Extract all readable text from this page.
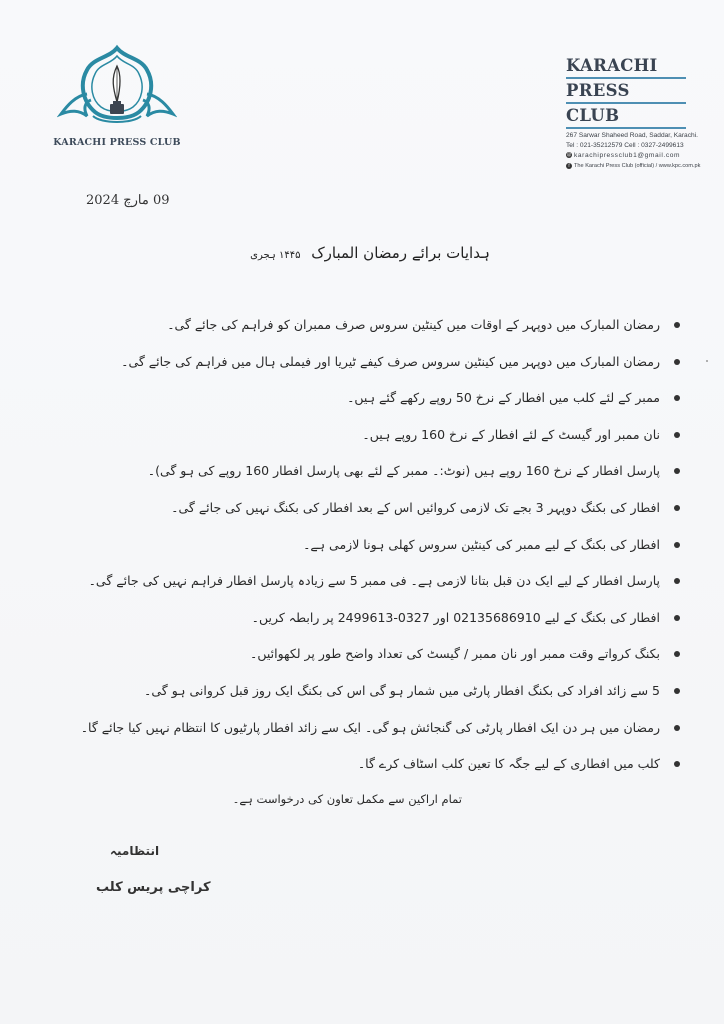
KARACHI PRESS CLUB
KARACHI
PRESS
CLUB
267 Sarwar Shaheed Road, Saddar, Karachi.
Tel : 021-35212579 Cell : 0327-2499613
@ karachipressclub1@gmail.com
f The Karachi Press Club (official) / www.kpc.com.pk
09 مارچ 2024
ہدایات برائے رمضان المبارک ۱۴۴۵ ہجری
رمضان المبارک میں دوپہر کے اوقات میں کینٹین سروس صرف ممبران کو فراہم کی جائے گی۔
رمضان المبارک میں دوپہر میں کینٹین سروس صرف کیفے ٹیریا اور فیملی ہال میں فراہم کی جائے گی۔
ممبر کے لئے کلب میں افطار کے نرخ 50 روپے رکھے گئے ہیں۔
نان ممبر اور گیسٹ کے لئے افطار کے نرخ 160 روپے ہیں۔
پارسل افطار کے نرخ 160 روپے ہیں (نوٹ:۔ ممبر کے لئے بھی پارسل افطار 160 روپے کی ہو گی)۔
افطار کی بکنگ دوپہر 3 بجے تک لازمی کروائیں اس کے بعد افطار کی بکنگ نہیں کی جائے گی۔
افطار کی بکنگ کے لیے ممبر کی کینٹین سروس کھلی ہونا لازمی ہے۔
پارسل افطار کے لیے ایک دن قبل بتانا لازمی ہے۔ فی ممبر 5 سے زیادہ پارسل افطار فراہم نہیں کی جائے گی۔
افطار کی بکنگ کے لیے 02135686910 اور 0327-2499613 پر رابطہ کریں۔
بکنگ کرواتے وقت ممبر اور نان ممبر / گیسٹ کی تعداد واضح طور پر لکھوائیں۔
5 سے زائد افراد کی بکنگ افطار پارٹی میں شمار ہو گی اس کی بکنگ ایک روز قبل کروانی ہو گی۔
رمضان میں ہر دن ایک افطار پارٹی کی گنجائش ہو گی۔ ایک سے زائد افطار پارٹیوں کا انتظام نہیں کیا جائے گا۔
کلب میں افطاری کے لیے جگہ کا تعین کلب اسٹاف کرے گا۔
تمام اراکین سے مکمل تعاون کی درخواست ہے۔
انتظامیہ
کراچی پریس کلب
